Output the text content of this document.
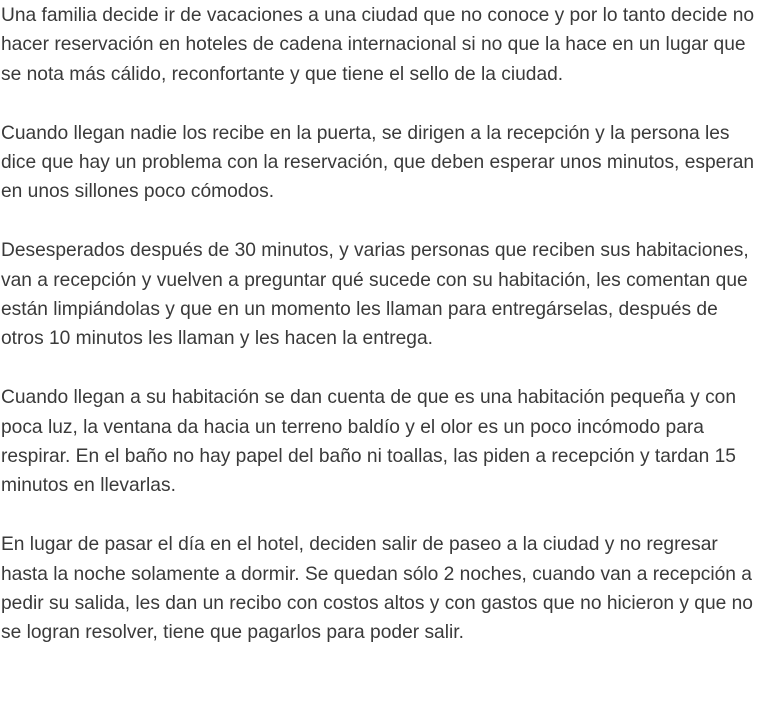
Una familia decide ir de vacaciones a una ciudad que no conoce y por lo tanto decide no hacer reservación en hoteles de cadena internacional si no que la hace en un lugar que se nota más cálido, reconfortante y que tiene el sello de la ciudad.

Cuando llegan nadie los recibe en la puerta, se dirigen a la recepción y la persona les dice que hay un problema con la reservación, que deben esperar unos minutos, esperan en unos sillones poco cómodos.

Desesperados después de 30 minutos, y varias personas que reciben sus habitaciones, van a recepción y vuelven a preguntar qué sucede con su habitación, les comentan que están limpiándolas y que en un momento les llaman para entregárselas, después de otros 10 minutos les llaman y les hacen la entrega.

Cuando llegan a su habitación se dan cuenta de que es una habitación pequeña y con poca luz, la ventana da hacia un terreno baldío y el olor es un poco incómodo para respirar. En el baño no hay papel del baño ni toallas, las piden a recepción y tardan 15 minutos en llevarlas.

En lugar de pasar el día en el hotel, deciden salir de paseo a la ciudad y no regresar hasta la noche solamente a dormir. Se quedan sólo 2 noches, cuando van a recepción a pedir su salida, les dan un recibo con costos altos y con gastos que no hicieron y que no se logran resolver, tiene que pagarlos para poder salir.
